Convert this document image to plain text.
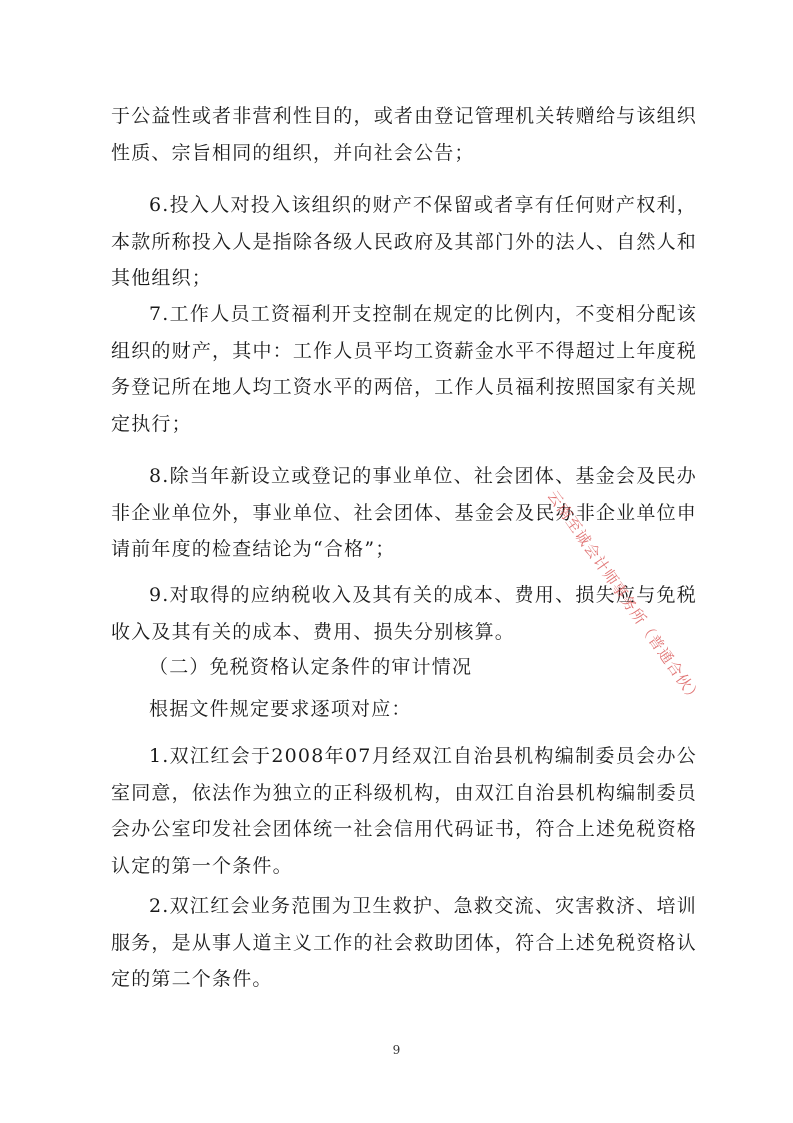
于公益性或者非营利性目的，或者由登记管理机关转赠给与该组织性质、宗旨相同的组织，并向社会公告；

6.投入人对投入该组织的财产不保留或者享有任何财产权利，本款所称投入人是指除各级人民政府及其部门外的法人、自然人和其他组织；

7.工作人员工资福利开支控制在规定的比例内，不变相分配该组织的财产，其中：工作人员平均工资薪金水平不得超过上年度税务登记所在地人均工资水平的两倍，工作人员福利按照国家有关规定执行；

8.除当年新设立或登记的事业单位、社会团体、基金会及民办非企业单位外，事业单位、社会团体、基金会及民办非企业单位申请前年度的检查结论为“合格”；

9.对取得的应纳税收入及其有关的成本、费用、损失应与免税收入及其有关的成本、费用、损失分别核算。

（二）免税资格认定条件的审计情况

根据文件规定要求逐项对应：

1.双江红会于2008年07月经双江自治县机构编制委员会办公室同意，依法作为独立的正科级机构，由双江自治县机构编制委员会办公室印发社会团体统一社会信用代码证书，符合上述免税资格认定的第一个条件。

2.双江红会业务范围为卫生救护、急救交流、灾害救济、培训服务，是从事人道主义工作的社会救助团体，符合上述免税资格认定的第二个条件。

云南至诚会计师事务所（普通合伙）
9
